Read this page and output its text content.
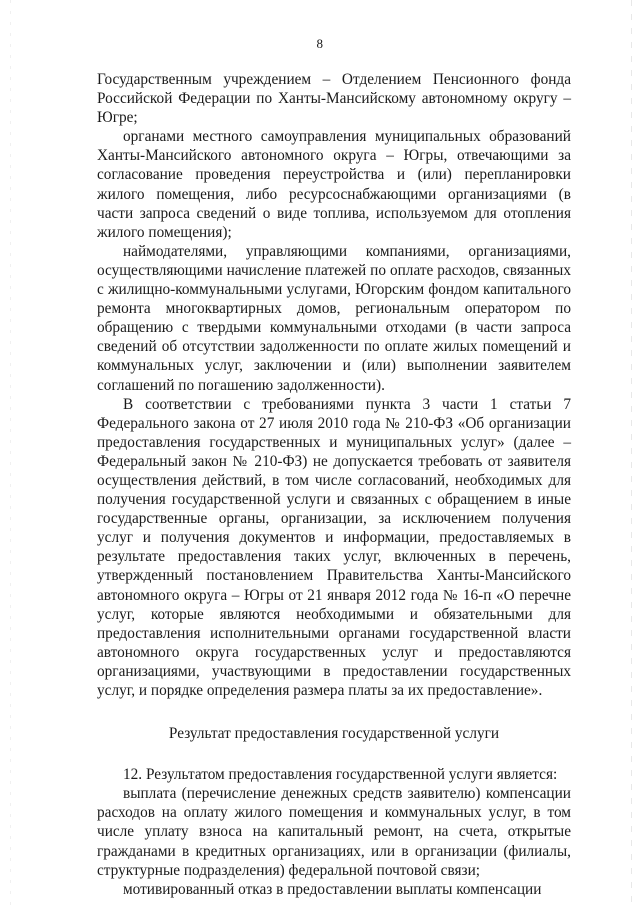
8

Государственным учреждением – Отделением Пенсионного фонда Российской Федерации по Ханты-Мансийскому автономному округу – Югре;

органами местного самоуправления муниципальных образований Ханты-Мансийского автономного округа – Югры, отвечающими за согласование проведения переустройства и (или) перепланировки жилого помещения, либо ресурсоснабжающими организациями (в части запроса сведений о виде топлива, используемом для отопления жилого помещения);

наймодателями, управляющими компаниями, организациями, осуществляющими начисление платежей по оплате расходов, связанных с жилищно-коммунальными услугами, Югорским фондом капитального ремонта многоквартирных домов, региональным оператором по обращению с твердыми коммунальными отходами (в части запроса сведений об отсутствии задолженности по оплате жилых помещений и коммунальных услуг, заключении и (или) выполнении заявителем соглашений по погашению задолженности).

В соответствии с требованиями пункта 3 части 1 статьи 7 Федерального закона от 27 июля 2010 года № 210-ФЗ «Об организации предоставления государственных и муниципальных услуг» (далее – Федеральный закон № 210-ФЗ) не допускается требовать от заявителя осуществления действий, в том числе согласований, необходимых для получения государственной услуги и связанных с обращением в иные государственные органы, организации, за исключением получения услуг и получения документов и информации, предоставляемых в результате предоставления таких услуг, включенных в перечень, утвержденный постановлением Правительства Ханты-Мансийского автономного округа – Югры от 21 января 2012 года № 16-п «О перечне услуг, которые являются необходимыми и обязательными для предоставления исполнительными органами государственной власти автономного округа государственных услуг и предоставляются организациями, участвующими в предоставлении государственных услуг, и порядке определения размера платы за их предоставление».

Результат предоставления государственной услуги

12. Результатом предоставления государственной услуги является:

выплата (перечисление денежных средств заявителю) компенсации расходов на оплату жилого помещения и коммунальных услуг, в том числе уплату взноса на капитальный ремонт, на счета, открытые гражданами в кредитных организациях, или в организации (филиалы, структурные подразделения) федеральной почтовой связи;

мотивированный отказ в предоставлении выплаты компенсации
